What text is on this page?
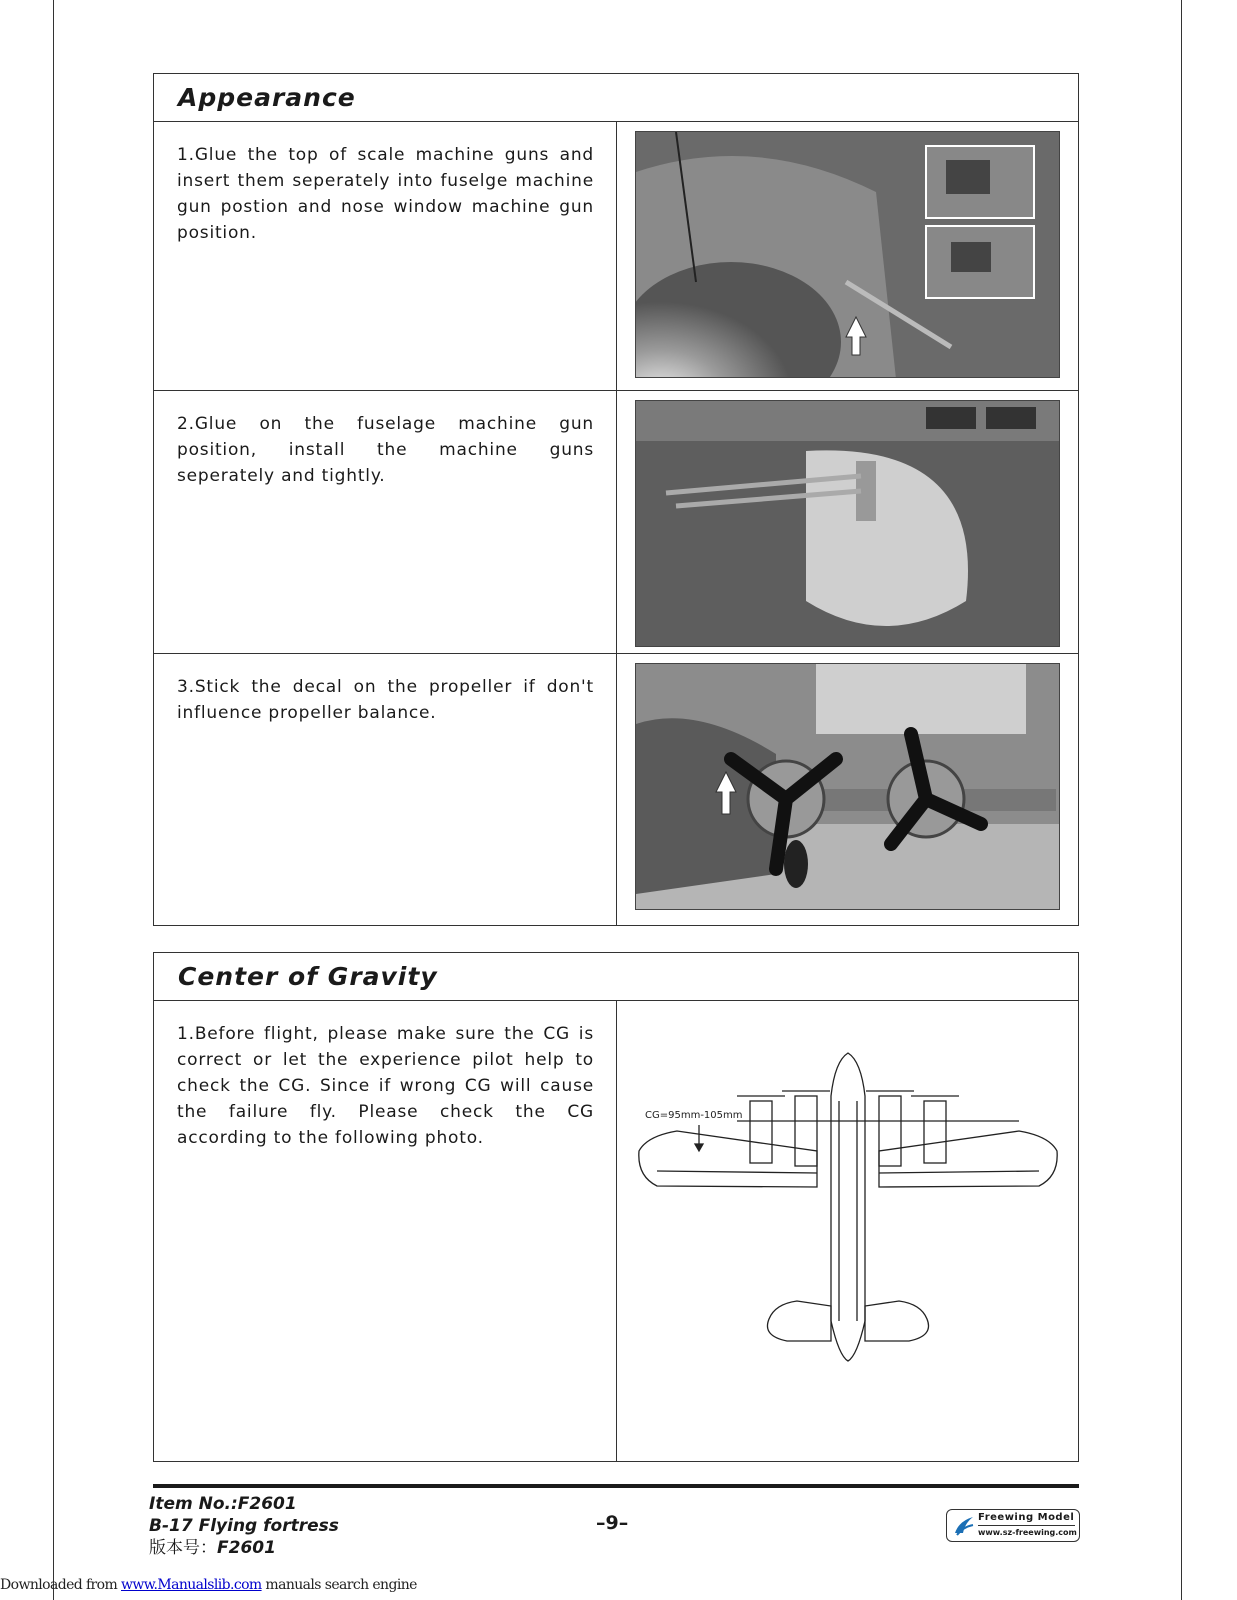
Appearance

1.Glue the top of scale machine guns and insert them seperately into fuselge machine gun postion and nose window machine gun position.

2.Glue on the fuselage machine gun position, install the machine guns seperately and tightly.

3.Stick the decal on the propeller if don't influence propeller balance.

Center of Gravity

1.Before flight, please make sure the CG is correct or let the experience pilot help to check the CG. Since if wrong CG will cause the failure fly. Please check the CG according to the following photo.

CG=95mm-105mm
Item No.:F2601
B-17 Flying fortress
版本号：F2601
–9–	Freewing Model
www.sz-freewing.com
Downloaded from www.Manualslib.com manuals search engine
